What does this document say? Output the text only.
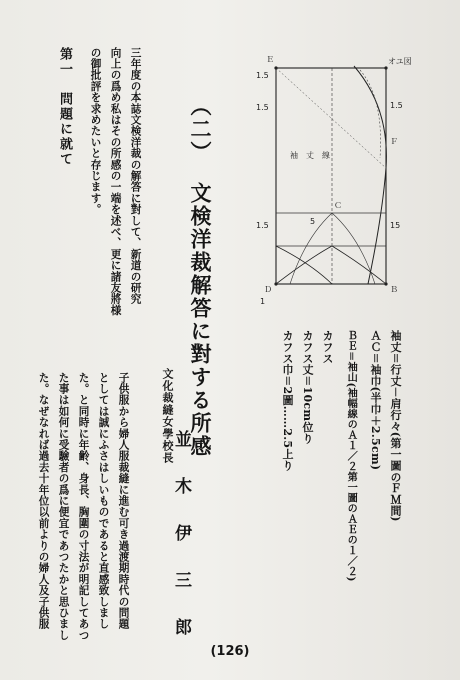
（二）文検洋裁解答に對する所感
三年度の本誌文検洋裁の解答に對して、新道の研究
向上の爲め私はその所感の一端を述べ、更に諸友將様
の御批評を求めたいと存じます。
第一　問題に就て
文化裁縫女學校長
並木伊三郎
子供服から婦人服裁縫に進む可き過渡期時代の問題
としては誠にふさはしいものであると直感致しまし
た。と同時に年齢、身長、胸圍の寸法が明記してあつ
た事は如何に受驗者の爲に便宜であつたかと思ひまし
た。なぜなれば過去十年位以前よりの婦人及子供服	袖丈＝行丈－肩行々(第一圖のＦＭ間)
ＡＣ＝袖巾(半巾＋2.5cm)
ＢＥ＝袖山(袖幅線のＡ１／２第一圖のＡＥの１／２)
カフス
カフス丈＝10cm位り
カフス巾＝2圖……2.5上り
オユ図
袖　丈　線
Ｅ
Ｆ
Ｄ	Ｂ
Ｃ
1.5
1.5	1.5
15
1.5	5
1
(126)
